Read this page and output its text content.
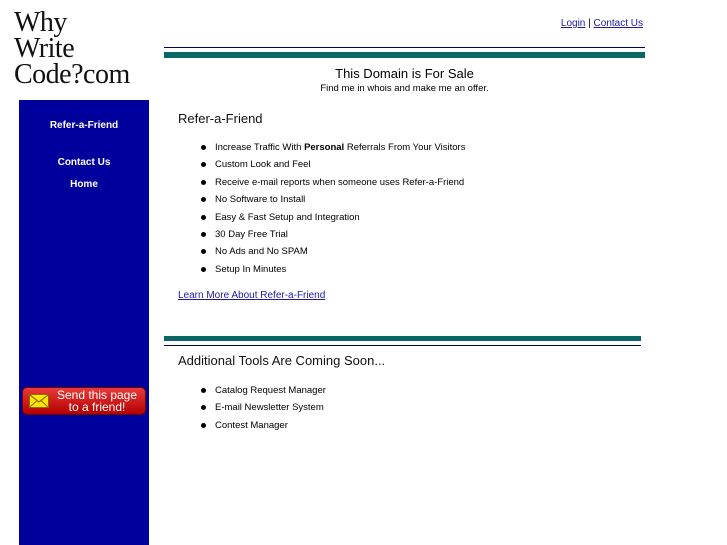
Why
Write
Code?com
Login | Contact Us
This Domain is For Sale
Find me in whois and make me an offer.
Refer-a-Friend
Contact Us
Home
Send this page
to a friend!
Refer-a-Friend
Increase Traffic With Personal Referrals From Your Visitors
Custom Look and Feel
Receive e-mail reports when someone uses Refer-a-Friend
No Software to Install
Easy & Fast Setup and Integration
30 Day Free Trial
No Ads and No SPAM
Setup In Minutes
Learn More About Refer-a-Friend
Additional Tools Are Coming Soon...
Catalog Request Manager
E-mail Newsletter System
Contest Manager
